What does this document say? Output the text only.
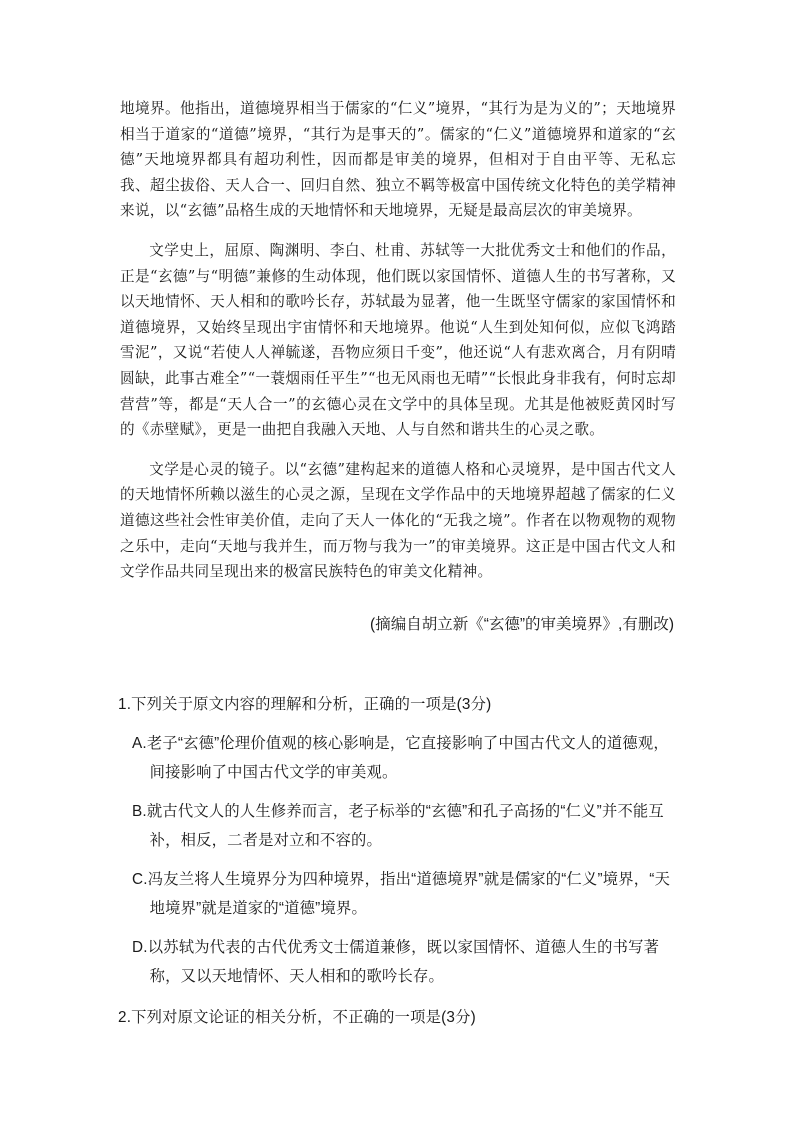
地境界。他指出，道德境界相当于儒家的“仁义”境界，“其行为是为义的”；天地境界相当于道家的“道德”境界，“其行为是事天的”。儒家的“仁义”道德境界和道家的“玄德”天地境界都具有超功利性，因而都是审美的境界，但相对于自由平等、无私忘我、超尘拔俗、天人合一、回归自然、独立不羁等极富中国传统文化特色的美学精神来说，以“玄德”品格生成的天地情怀和天地境界，无疑是最高层次的审美境界。

文学史上，屈原、陶渊明、李白、杜甫、苏轼等一大批优秀文士和他们的作品，正是“玄德”与“明德”兼修的生动体现，他们既以家国情怀、道德人生的书写著称，又以天地情怀、天人相和的歌吟长存，苏轼最为显著，他一生既坚守儒家的家国情怀和道德境界，又始终呈现出宇宙情怀和天地境界。他说“人生到处知何似，应似飞鸿踏雪泥”，又说“若使人人禅毓遂，吾物应须日千变”，他还说“人有悲欢离合，月有阴晴圆缺，此事古难全”“一蓑烟雨任平生”“也无风雨也无晴”“长恨此身非我有，何时忘却营营”等，都是“天人合一”的玄德心灵在文学中的具体呈现。尤其是他被贬黄冈时写的《赤壁赋》，更是一曲把自我融入天地、人与自然和谐共生的心灵之歌。

文学是心灵的镜子。以“玄德”建构起来的道德人格和心灵境界，是中国古代文人的天地情怀所赖以滋生的心灵之源，呈现在文学作品中的天地境界超越了儒家的仁义道德这些社会性审美价值，走向了天人一体化的“无我之境”。作者在以物观物的观物之乐中，走向“天地与我并生，而万物与我为一”的审美境界。这正是中国古代文人和文学作品共同呈现出来的极富民族特色的审美文化精神。

(摘编自胡立新《“玄德”的审美境界》,有删改)
1.下列关于原文内容的理解和分析，正确的一项是(3分)
A.老子“玄德”伦理价值观的核心影响是，它直接影响了中国古代文人的道德观，间接影响了中国古代文学的审美观。
B.就古代文人的人生修养而言，老子标举的“玄德”和孔子高扬的“仁义”并不能互补，相反，二者是对立和不容的。
C.冯友兰将人生境界分为四种境界，指出“道德境界”就是儒家的“仁义”境界，“天地境界”就是道家的“道德”境界。
D.以苏轼为代表的古代优秀文士儒道兼修，既以家国情怀、道德人生的书写著称，又以天地情怀、天人相和的歌吟长存。
2.下列对原文论证的相关分析，不正确的一项是(3分)
